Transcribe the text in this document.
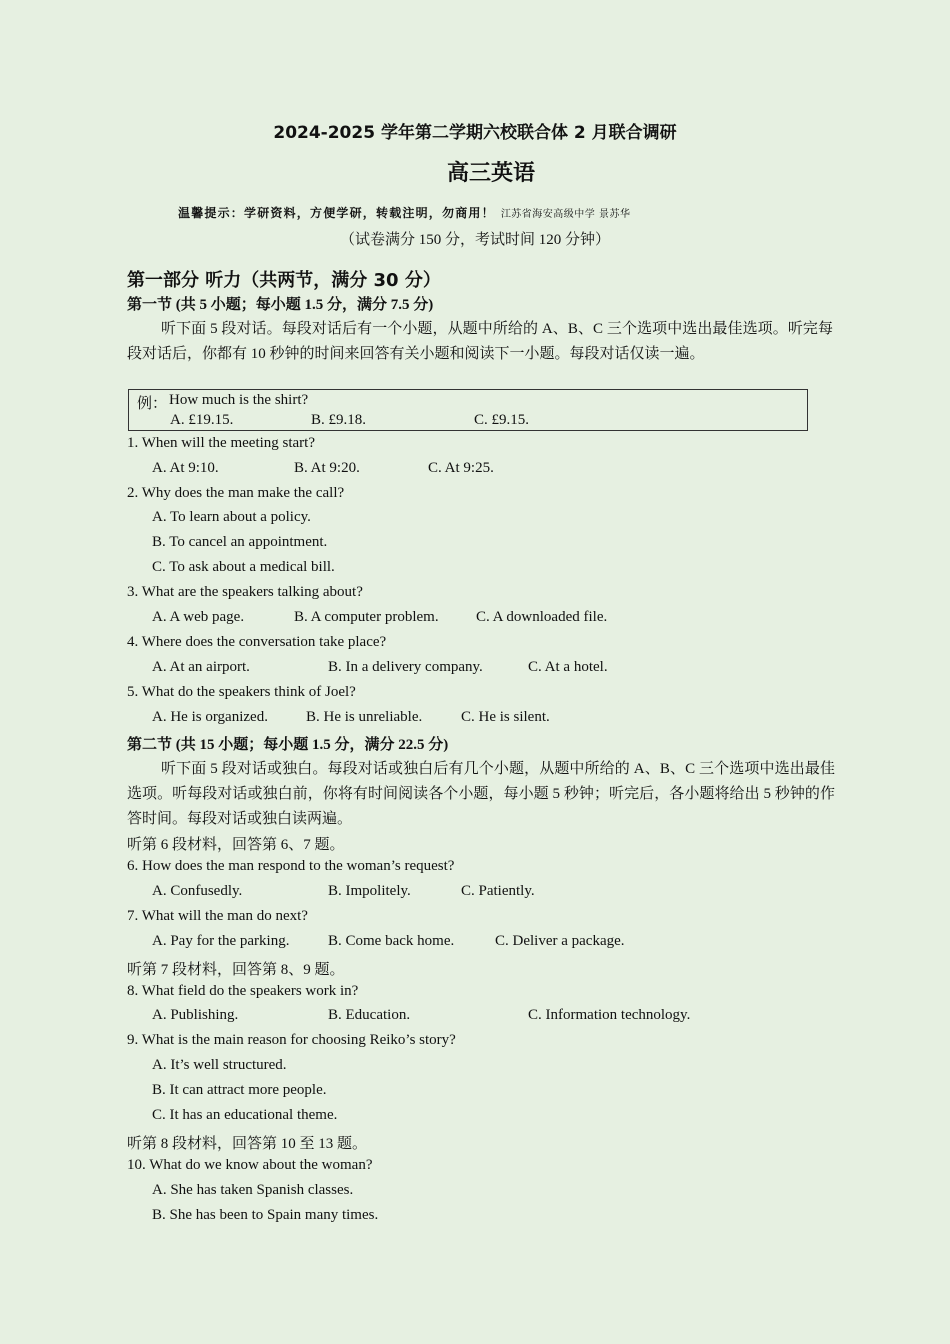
2024-2025 学年第二学期六校联合体 2 月联合调研
高三英语
温馨提示：学研资料，方便学研，转载注明，勿商用！ 江苏省海安高级中学 景苏华
（试卷满分 150 分，考试时间 120 分钟）
第一部分 听力（共两节，满分 30 分）
第一节 (共 5 小题；每小题 1.5 分，满分 7.5 分)
听下面 5 段对话。每段对话后有一个小题，从题中所给的 A、B、C 三个选项中选出最佳选项。听完每段对话后，你都有 10 秒钟的时间来回答有关小题和阅读下一小题。每段对话仅读一遍。
例： How much is the shirt?
A. £19.15.	B. £9.18.	C. £9.15.
1. When will the meeting start?
A. At 9:10.	B. At 9:20.	C. At 9:25.
2. Why does the man make the call?
A. To learn about a policy.
B. To cancel an appointment.
C. To ask about a medical bill.
3. What are the speakers talking about?
A. A web page.	B. A computer problem. C. A downloaded file.
4. Where does the conversation take place?
A. At an airport.	B. In a delivery company.	C. At a hotel.
5. What do the speakers think of Joel?
A. He is organized.	B. He is unreliable.	C. He is silent.
第二节 (共 15 小题；每小题 1.5 分，满分 22.5 分)
听下面 5 段对话或独白。每段对话或独白后有几个小题，从题中所给的 A、B、C 三个选项中选出最佳选项。听每段对话或独白前，你将有时间阅读各个小题，每小题 5 秒钟；听完后，各小题将给出 5 秒钟的作答时间。每段对话或独白读两遍。
听第 6 段材料，回答第 6、7 题。
6. How does the man respond to the woman’s request?
A. Confusedly.	B. Impolitely.	C. Patiently.
7. What will the man do next?
A. Pay for the parking.	B. Come back home.	C. Deliver a package.
听第 7 段材料，回答第 8、9 题。
8. What field do the speakers work in?
A. Publishing.	B. Education.	C. Information technology.
9. What is the main reason for choosing Reiko’s story?
A. It’s well structured.
B. It can attract more people.
C. It has an educational theme.
听第 8 段材料，回答第 10 至 13 题。
10. What do we know about the woman?
A. She has taken Spanish classes.
B. She has been to Spain many times.
